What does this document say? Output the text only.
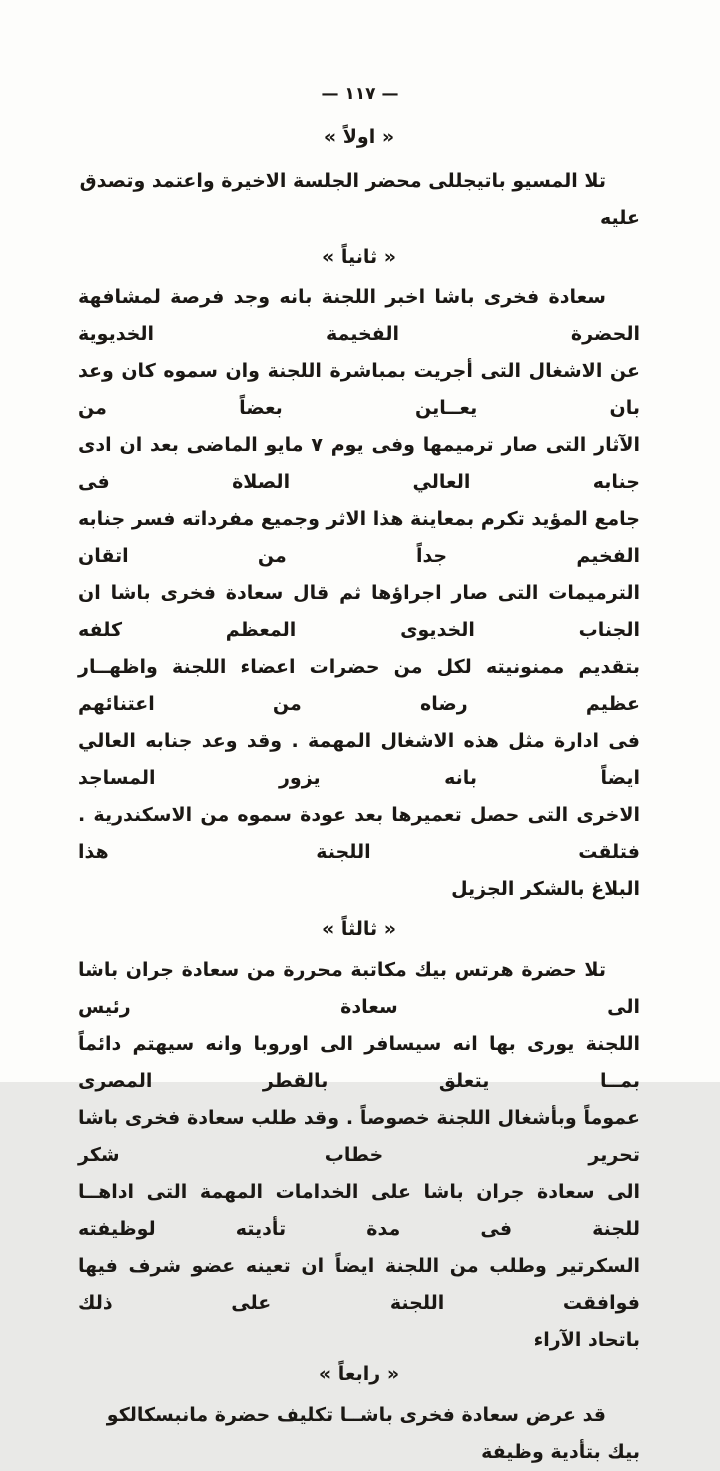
— ١١٧ —
« اولاً »
تلا المسيو باتيجللى محضر الجلسة الاخيرة واعتمد وتصدق عليه
« ثانياً »
سعادة فخرى باشا اخبر اللجنة بانه وجد فرصة لمشافهة الحضرة الفخيمة الخديوية
عن الاشغال التى أجريت بمباشرة اللجنة وان سموه كان وعد بان يعــاين بعضاً من
الآثار التى صار ترميمها وفى يوم ٧ مايو الماضى بعد ان ادى جنابه العالي الصلاة فى
جامع المؤيد تكرم بمعاينة هذا الاثر وجميع مفرداته فسر جنابه الفخيم جداً من اتقان
الترميمات التى صار اجراؤها ثم قال سعادة فخرى باشا ان الجناب الخديوى المعظم كلفه
بتقديم ممنونيته لكل من حضرات اعضاء اللجنة واظهــار عظيم رضاه من اعتنائهم
فى ادارة مثل هذه الاشغال المهمة . وقد وعد جنابه العالي ايضاً بانه يزور المساجد
الاخرى التى حصل تعميرها بعد عودة سموه من الاسكندرية . فتلقت اللجنة هذا
البلاغ بالشكر الجزيل
« ثالثاً »
تلا حضرة هرتس بيك مكاتبة محررة من سعادة جران باشا الى سعادة رئيس
اللجنة يورى بها انه سيسافر الى اوروبا وانه سيهتم دائماً بمــا يتعلق بالقطر المصرى
عموماً وبأشغال اللجنة خصوصاً . وقد طلب سعادة فخرى باشا تحرير خطاب شكر
الى سعادة جران باشا على الخدامات المهمة التى اداهــا للجنة فى مدة تأديته لوظيفته
السكرتير وطلب من اللجنة ايضاً ان تعينه عضو شرف فيها فوافقت اللجنة على ذلك
باتحاد الآراء
« رابعاً »
قد عرض سعادة فخرى باشــا تكليف حضرة مانبسكالكو بيك بتأدية وظيفة
